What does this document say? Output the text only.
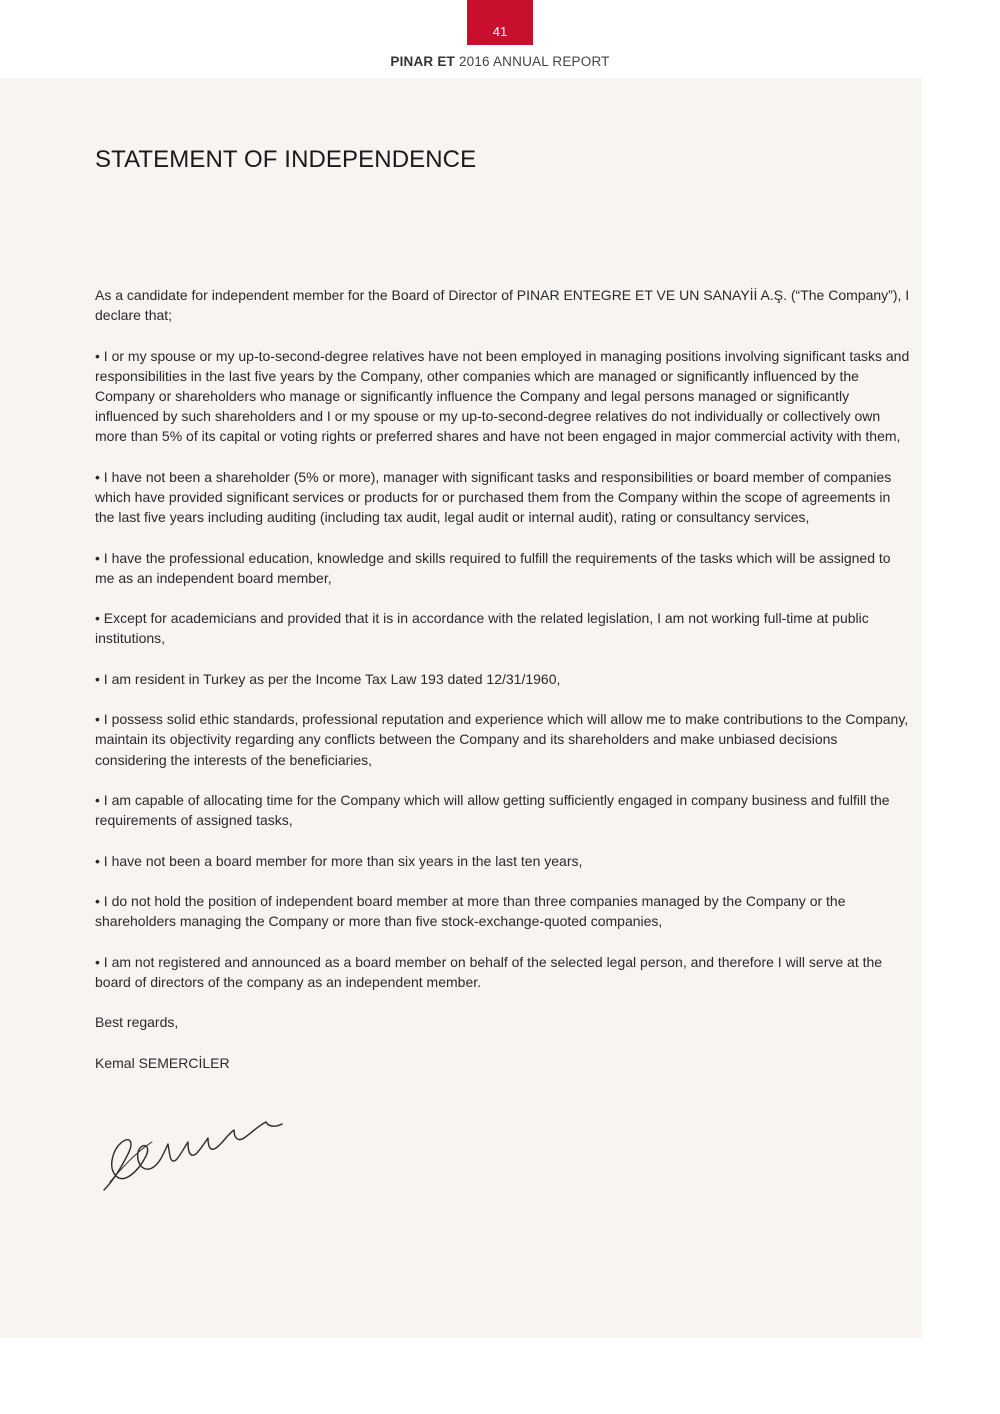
41
PINAR ET 2016 ANNUAL REPORT
STATEMENT OF INDEPENDENCE

As a candidate for independent member for the Board of Director of PINAR ENTEGRE ET VE UN SANAYİİ A.Ş. (“The Company”), I declare that;

• I or my spouse or my up-to-second-degree relatives have not been employed in managing positions involving significant tasks and responsibilities in the last five years by the Company, other companies which are managed or significantly influenced by the Company or shareholders who manage or significantly influence the Company and legal persons managed or significantly influenced by such shareholders and I or my spouse or my up-to-second-degree relatives do not individually or collectively own more than 5% of its capital or voting rights or preferred shares and have not been engaged in major commercial activity with them,
• I have not been a shareholder (5% or more), manager with significant tasks and responsibilities or board member of companies which have provided significant services or products for or purchased them from the Company within the scope of agreements in the last five years including auditing (including tax audit, legal audit or internal audit), rating or consultancy services,
• I have the professional education, knowledge and skills required to fulfill the requirements of the tasks which will be assigned to me as an independent board member,
• Except for academicians and provided that it is in accordance with the related legislation, I am not working full-time at public institutions,
• I am resident in Turkey as per the Income Tax Law 193 dated 12/31/1960,
• I possess solid ethic standards, professional reputation and experience which will allow me to make contributions to the Company, maintain its objectivity regarding any conflicts between the Company and its shareholders and make unbiased decisions considering the interests of the beneficiaries,
• I am capable of allocating time for the Company which will allow getting sufficiently engaged in company business and fulfill the requirements of assigned tasks,
• I have not been a board member for more than six years in the last ten years,
• I do not hold the position of independent board member at more than three companies managed by the Company or the shareholders managing the Company or more than five stock-exchange-quoted companies,
• I am not registered and announced as a board member on behalf of the selected legal person, and therefore I will serve at the board of directors of the company as an independent member.

Best regards,

Kemal SEMERCİLER
